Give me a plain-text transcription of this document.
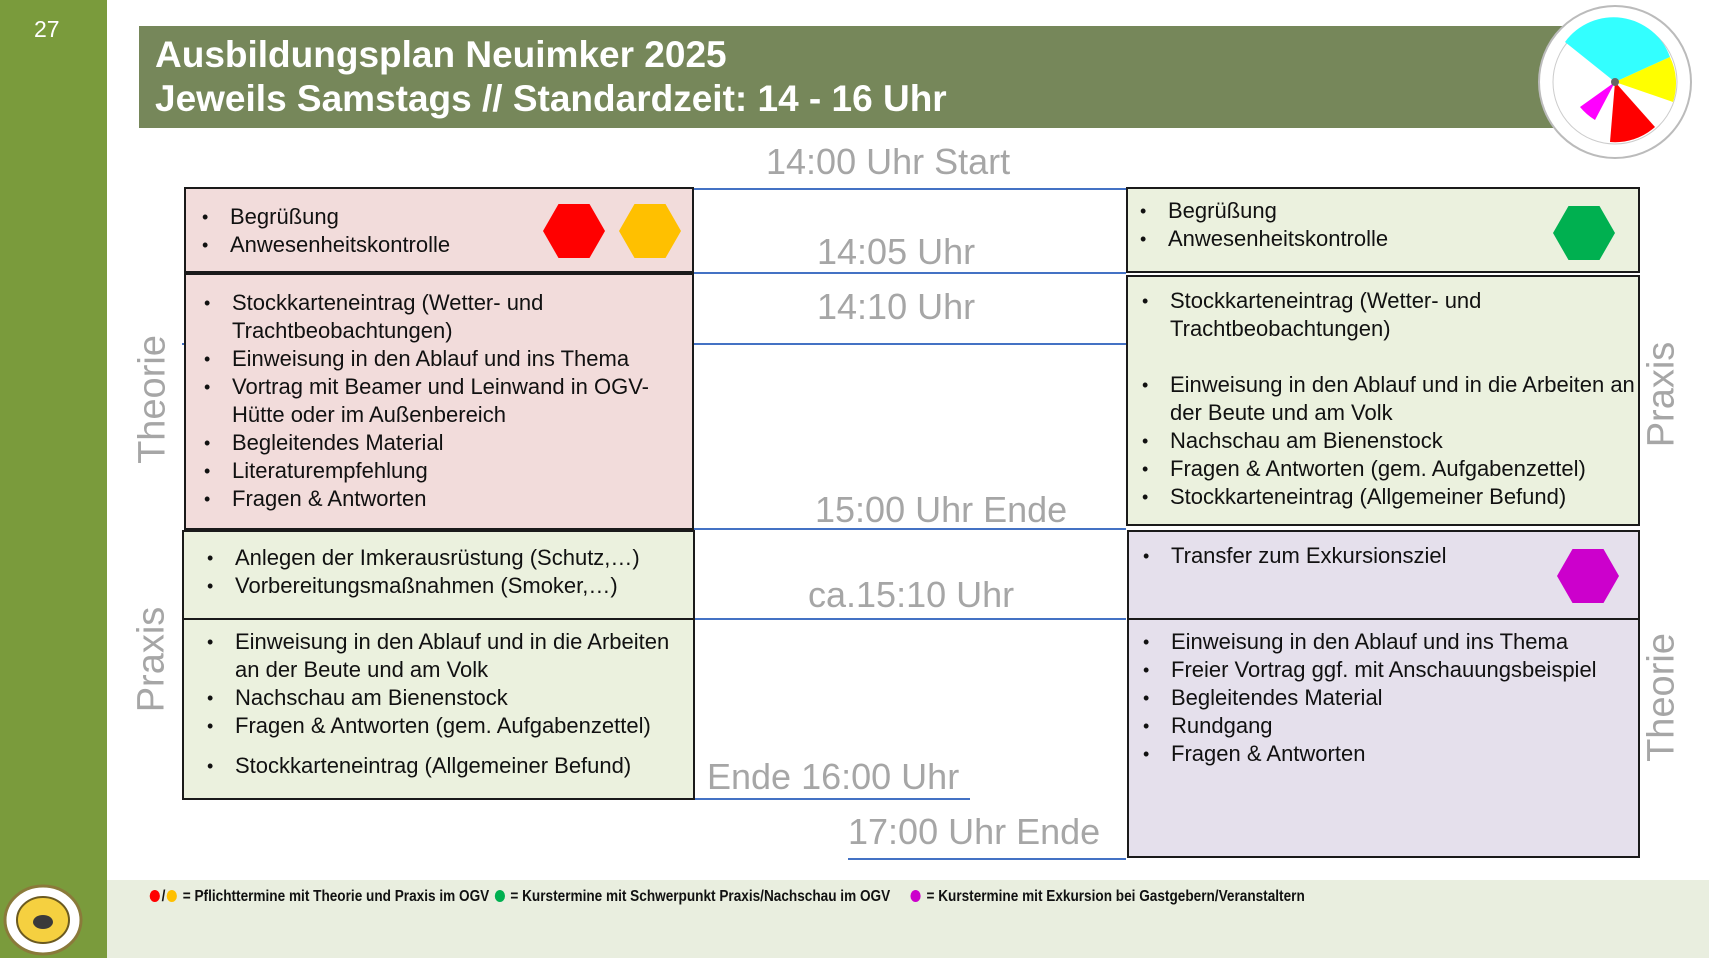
27
Ausbildungsplan Neuimker 2025
Jeweils Samstags // Standardzeit: 14 - 16 Uhr
14:00 Uhr Start
14:05 Uhr
14:10 Uhr
15:00 Uhr Ende
ca.15:10 Uhr
Ende 16:00 Uhr
17:00 Uhr Ende
Theorie
Praxis
Praxis
Theorie
• Begrüßung
• Anwesenheitskontrolle
• Stockkarteneintrag (Wetter- und Trachtbeobachtungen)
• Einweisung in den Ablauf und ins Thema
• Vortrag mit Beamer und Leinwand in OGV-Hütte oder im Außenbereich
• Begleitendes Material
• Literaturempfehlung
• Fragen & Antworten
• Anlegen der Imkerausrüstung (Schutz,…)
• Vorbereitungsmaßnahmen (Smoker,…)
• Einweisung in den Ablauf und in die Arbeiten an der Beute und am Volk
• Nachschau am Bienenstock
• Fragen & Antworten (gem. Aufgabenzettel)
• Stockkarteneintrag (Allgemeiner Befund)
• Begrüßung
• Anwesenheitskontrolle
• Stockkarteneintrag (Wetter- und Trachtbeobachtungen)
• Einweisung in den Ablauf und in die Arbeiten an der Beute und am Volk
• Nachschau am Bienenstock
• Fragen & Antworten (gem. Aufgabenzettel)
• Stockkarteneintrag (Allgemeiner Befund)
• Transfer zum Exkursionsziel
• Einweisung in den Ablauf und ins Thema
• Freier Vortrag ggf. mit Anschauungsbeispiel
• Begleitendes Material
• Rundgang
• Fragen & Antworten
/ = Pflichttermine mit Theorie und Praxis im OGV = Kurstermine mit Schwerpunkt Praxis/Nachschau im OGV = Kurstermine mit Exkursion bei Gastgebern/Veranstaltern
